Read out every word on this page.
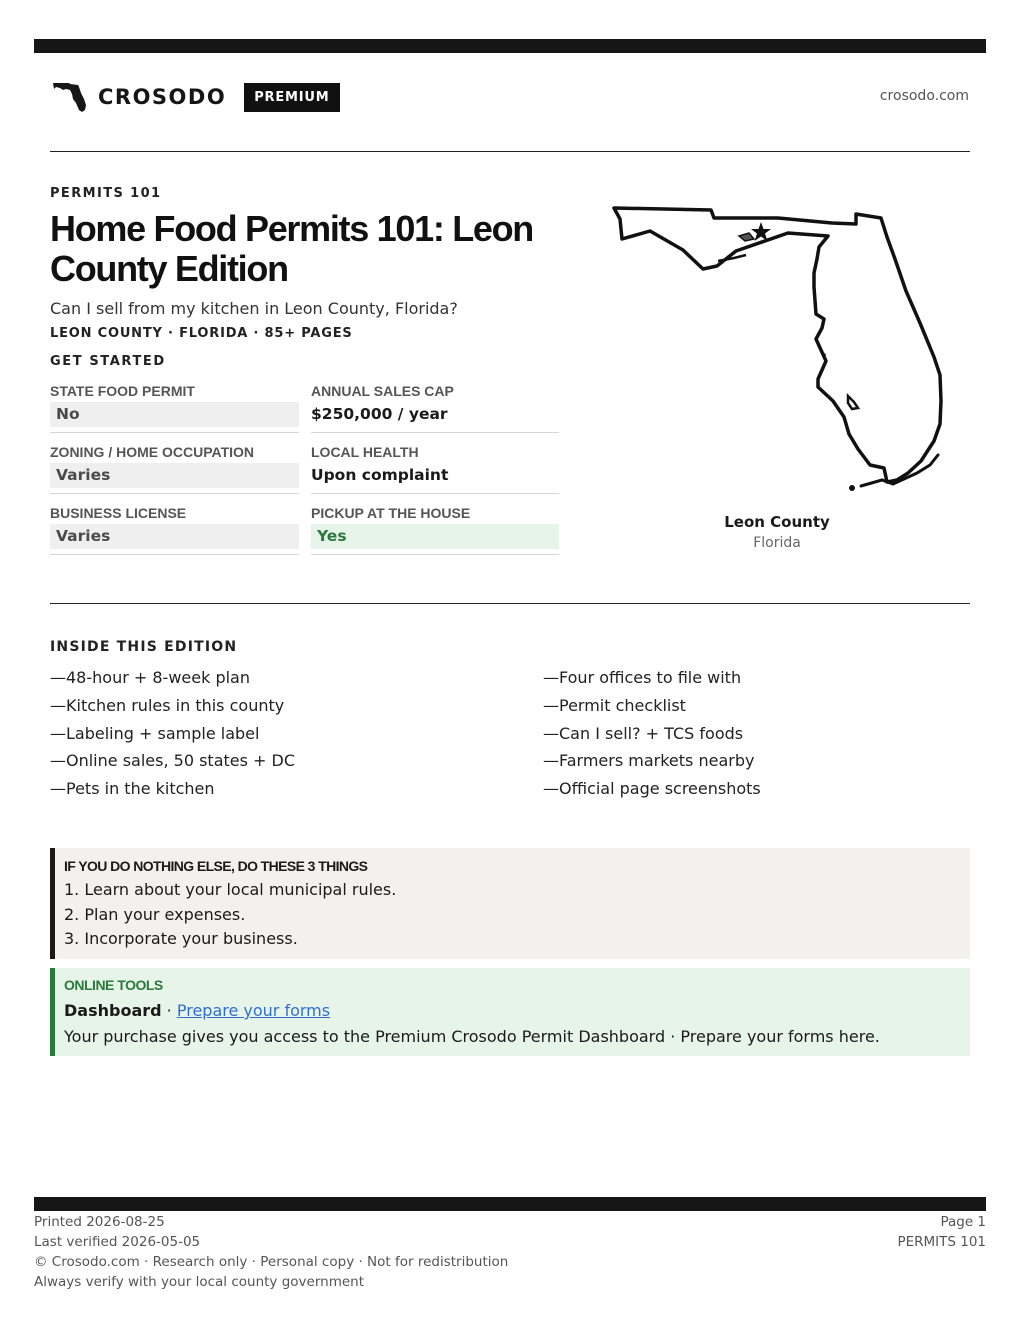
CROSODO	PREMIUM	crosodo.com
PERMITS 101
Home Food Permits 101: Leon County Edition
Can I sell from my kitchen in Leon County, Florida?
LEON COUNTY · FLORIDA · 85+ PAGES
GET STARTED
STATE FOOD PERMIT
No
ANNUAL SALES CAP
$250,000 / year
ZONING / HOME OCCUPATION
Varies
LOCAL HEALTH
Upon complaint
BUSINESS LICENSE
Varies
PICKUP AT THE HOUSE
Yes
Leon County
Florida
INSIDE THIS EDITION
—48-hour + 8-week plan
—Kitchen rules in this county
—Labeling + sample label
—Online sales, 50 states + DC
—Pets in the kitchen
—Four offices to file with
—Permit checklist
—Can I sell? + TCS foods
—Farmers markets nearby
—Official page screenshots
IF YOU DO NOTHING ELSE, DO THESE 3 THINGS
1. Learn about your local municipal rules.
2. Plan your expenses.
3. Incorporate your business.
ONLINE TOOLS
Dashboard · Prepare your forms
Your purchase gives you access to the Premium Crosodo Permit Dashboard · Prepare your forms here.
Printed 2026-08-25
Last verified 2026-05-05
© Crosodo.com · Research only · Personal copy · Not for redistribution
Always verify with your local county government
Page 1
PERMITS 101
